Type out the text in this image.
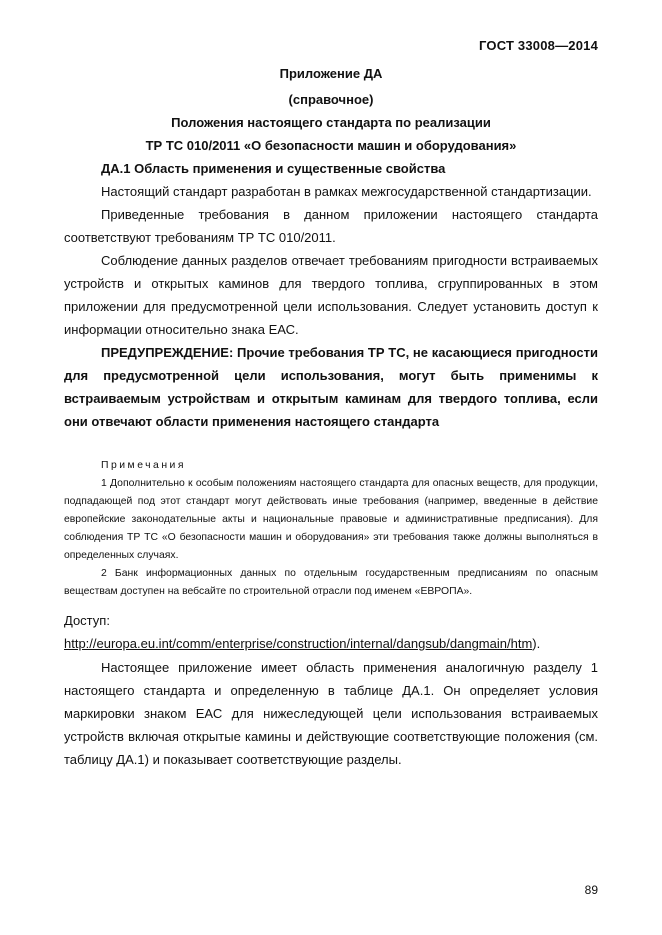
ГОСТ 33008—2014
Приложение ДА
(справочное)
Положения настоящего стандарта по реализации
ТР ТС 010/2011 «О безопасности машин и оборудования»

ДА.1 Область применения и существенные свойства

Настоящий стандарт разработан в рамках межгосударственной стандартизации.

Приведенные требования в данном приложении настоящего стандарта соответствуют требованиям ТР ТС 010/2011.

Соблюдение данных разделов отвечает требованиям пригодности встраиваемых устройств и открытых каминов для твердого топлива, сгруппированных в этом приложении для предусмотренной цели использования. Следует установить доступ к информации относительно знака ЕАС.

ПРЕДУПРЕЖДЕНИЕ: Прочие требования ТР ТС, не касающиеся пригодности для предусмотренной цели использования, могут быть применимы к встраиваемым устройствам и открытым каминам для твердого топлива, если они отвечают области применения настоящего стандарта

Примечания

1 Дополнительно к особым положениям настоящего стандарта для опасных веществ, для продукции, подпадающей под этот стандарт могут действовать иные требования (например, введенные в действие европейские законодательные акты и национальные правовые и административные предписания). Для соблюдения ТР ТС «О безопасности машин и оборудования» эти требования также должны выполняться в определенных случаях.

2 Банк информационных данных по отдельным государственным предписаниям по опасным веществам доступен на вебсайте по строительной отрасли под именем «ЕВРОПА».

Доступ:

http://europa.eu.int/comm/enterprise/construction/internal/dangsub/dangmain/htm).

Настоящее приложение имеет область применения аналогичную разделу 1 настоящего стандарта и определенную в таблице ДА.1. Он определяет условия маркировки знаком ЕАС для нижеследующей цели использования встраиваемых устройств включая открытые камины и действующие соответствующие положения (см. таблицу ДА.1) и показывает соответствующие разделы.

89
